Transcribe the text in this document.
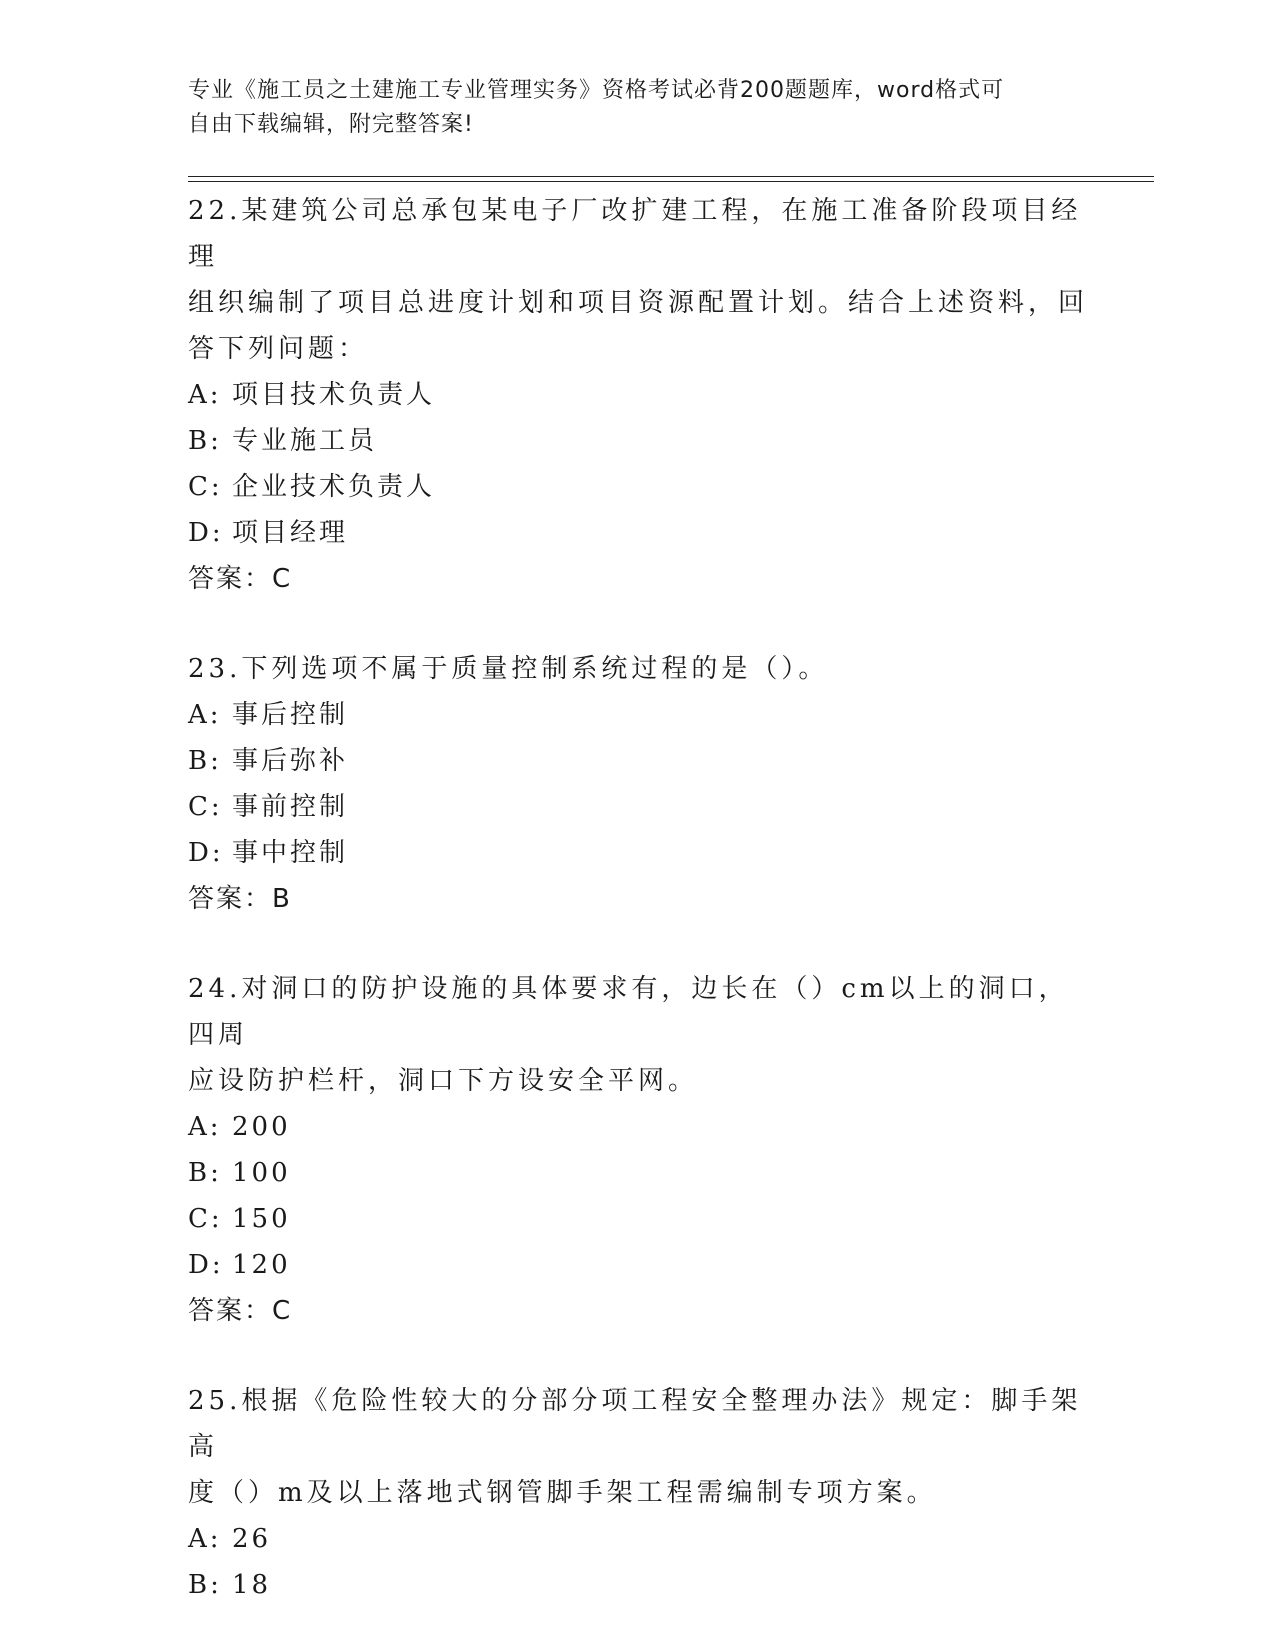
专业《施工员之土建施工专业管理实务》资格考试必背200题题库，word格式可
自由下载编辑，附完整答案!
22.某建筑公司总承包某电子厂改扩建工程，在施工准备阶段项目经理
组织编制了项目总进度计划和项目资源配置计划。结合上述资料，回
答下列问题：
A: 项目技术负责人
B: 专业施工员
C: 企业技术负责人
D: 项目经理
答案：C
23.下列选项不属于质量控制系统过程的是（）。
A: 事后控制
B: 事后弥补
C: 事前控制
D: 事中控制
答案：B
24.对洞口的防护设施的具体要求有，边长在（）cm以上的洞口，四周
应设防护栏杆，洞口下方设安全平网。
A: 200
B: 100
C: 150
D: 120
答案：C
25.根据《危险性较大的分部分项工程安全整理办法》规定：脚手架高
度（）m及以上落地式钢管脚手架工程需编制专项方案。
A: 26
B: 18
